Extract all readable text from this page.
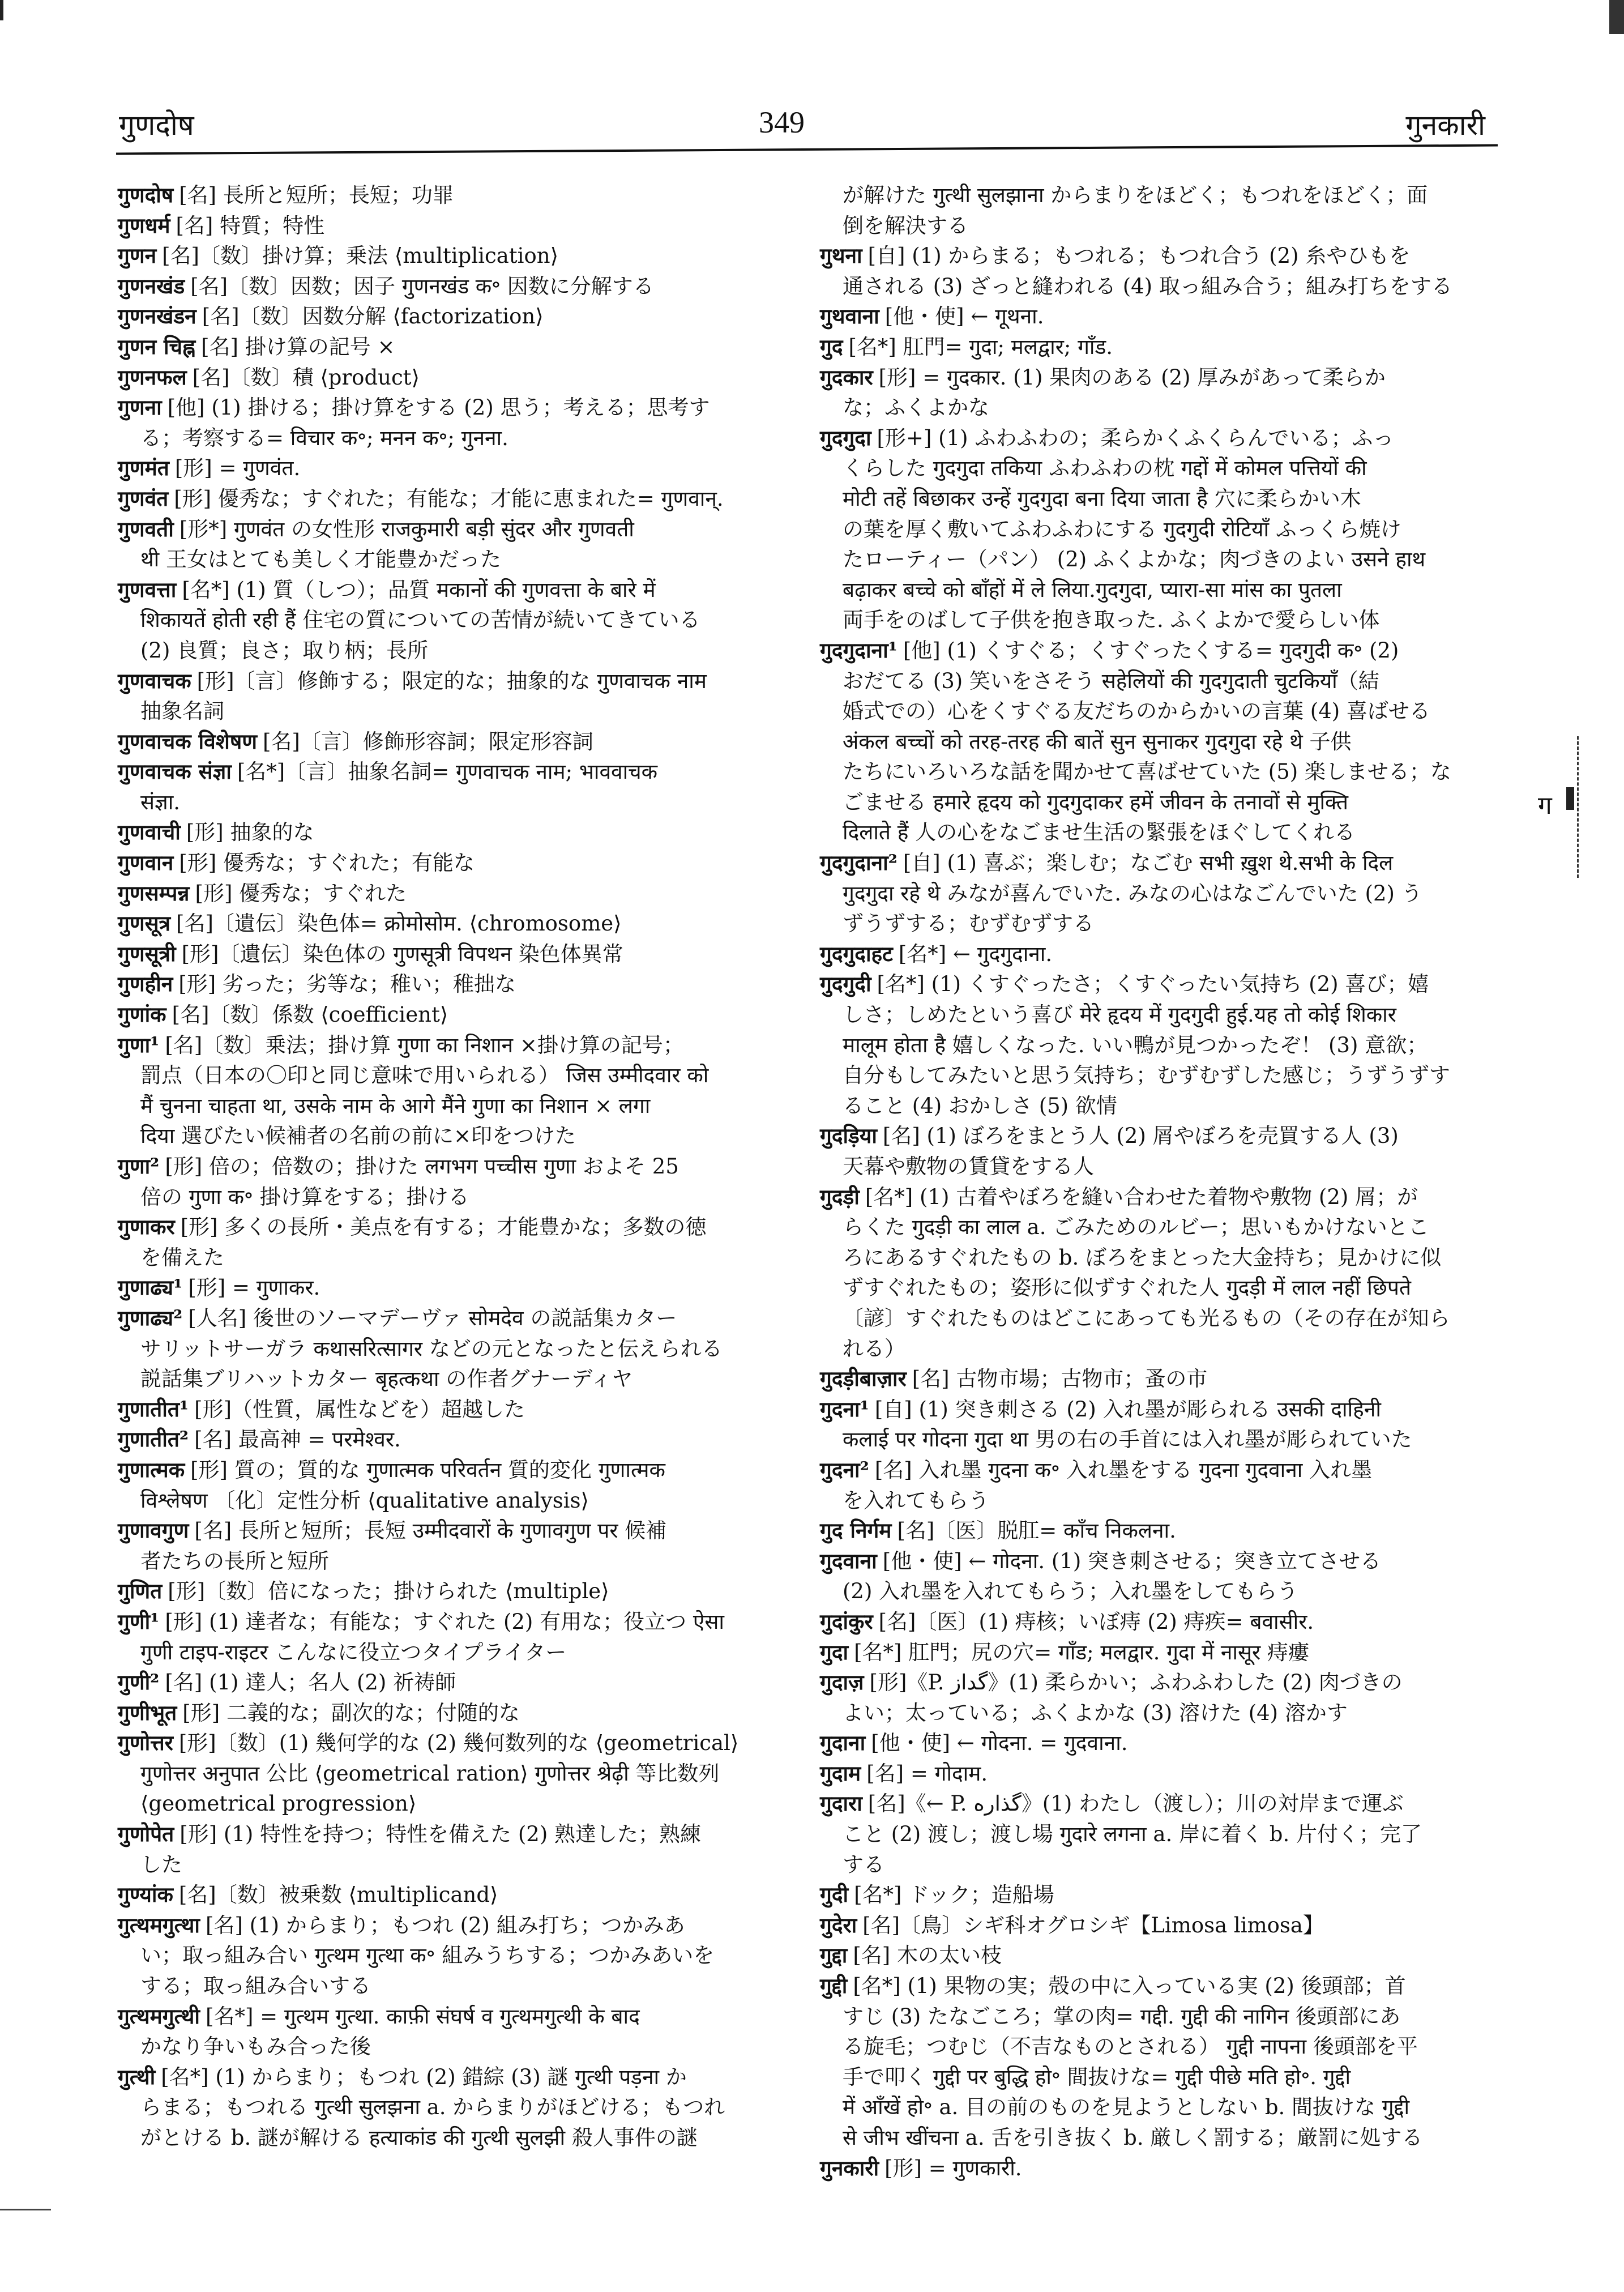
गुणदोष	349	गुनकारी
गुणदोष [名] 長所と短所；長短；功罪
गुणधर्म [名] 特質；特性
गुणन [名]〔数〕掛け算；乗法 ⟨multiplication⟩
गुणनखंड [名]〔数〕因数；因子 गुणनखंड क॰ 因数に分解する
गुणनखंडन [名]〔数〕因数分解 ⟨factorization⟩
गुणन चिह्न [名] 掛け算の記号 ×
गुणनफल [名]〔数〕積 ⟨product⟩
गुणना [他] (1) 掛ける；掛け算をする (2) 思う；考える；思考す
る；考察する= विचार क॰; मनन क॰; गुनना.
गुणमंत [形] = गुणवंत.
गुणवंत [形] 優秀な；すぐれた；有能な；才能に恵まれた= गुणवान्.
गुणवती [形*] गुणवंत の女性形 राजकुमारी बड़ी सुंदर और गुणवती
थी 王女はとても美しく才能豊かだった
गुणवत्ता [名*] (1) 質（しつ）；品質 मकानों की गुणवत्ता के बारे में
शिकायतें होती रही हैं 住宅の質についての苦情が続いてきている
(2) 良質；良さ；取り柄；長所
गुणवाचक [形]〔言〕修飾する；限定的な；抽象的な गुणवाचक नाम
抽象名詞
गुणवाचक विशेषण [名]〔言〕修飾形容詞；限定形容詞
गुणवाचक संज्ञा [名*]〔言〕抽象名詞= गुणवाचक नाम; भाववाचक
संज्ञा.
गुणवाची [形] 抽象的な
गुणवान [形] 優秀な；すぐれた；有能な
गुणसम्पन्न [形] 優秀な；すぐれた
गुणसूत्र [名]〔遺伝〕染色体= क्रोमोसोम. ⟨chromosome⟩
गुणसूत्री [形]〔遺伝〕染色体の गुणसूत्री विपथन 染色体異常
गुणहीन [形] 劣った；劣等な；稚い；稚拙な
गुणांक [名]〔数〕係数 ⟨coefficient⟩
गुणा¹ [名]〔数〕乗法；掛け算 गुणा का निशान ×掛け算の記号；
罰点（日本の〇印と同じ意味で用いられる） जिस उम्मीदवार को
मैं चुनना चाहता था, उसके नाम के आगे मैंने गुणा का निशान × लगा
दिया 選びたい候補者の名前の前に×印をつけた
गुणा² [形] 倍の；倍数の；掛けた लगभग पच्चीस गुणा およそ 25
倍の गुणा क॰ 掛け算をする；掛ける
गुणाकर [形] 多くの長所・美点を有する；才能豊かな；多数の徳
を備えた
गुणाढ्य¹ [形] = गुणाकर.
गुणाढ्य² [人名] 後世のソーマデーヴァ सोमदेव の説話集カター
サリットサーガラ कथासरित्सागर などの元となったと伝えられる
説話集ブリハットカター बृहत्कथा の作者グナーディヤ
गुणातीत¹ [形]（性質，属性などを）超越した
गुणातीत² [名] 最高神 = परमेश्वर.
गुणात्मक [形] 質の；質的な गुणात्मक परिवर्तन 質的変化 गुणात्मक
विश्लेषण 〔化〕定性分析 ⟨qualitative analysis⟩
गुणावगुण [名] 長所と短所；長短 उम्मीदवारों के गुणावगुण पर 候補
者たちの長所と短所
गुणित [形]〔数〕倍になった；掛けられた ⟨multiple⟩
गुणी¹ [形] (1) 達者な；有能な；すぐれた (2) 有用な；役立つ ऐसा
गुणी टाइप-राइटर こんなに役立つタイプライター
गुणी² [名] (1) 達人；名人 (2) 祈祷師
गुणीभूत [形] 二義的な；副次的な；付随的な
गुणोत्तर [形]〔数〕(1) 幾何学的な (2) 幾何数列的な ⟨geometrical⟩
गुणोत्तर अनुपात 公比 ⟨geometrical ration⟩ गुणोत्तर श्रेढ़ी 等比数列
⟨geometrical progression⟩
गुणोपेत [形] (1) 特性を持つ；特性を備えた (2) 熟達した；熟練
した
गुण्यांक [名]〔数〕被乗数 ⟨multiplicand⟩
गुत्थमगुत्था [名] (1) からまり；もつれ (2) 組み打ち；つかみあ
い；取っ組み合い गुत्थम गुत्था क॰ 組みうちする；つかみあいを
する；取っ組み合いする
गुत्थमगुत्थी [名*] = गुत्थम गुत्था. काफ़ी संघर्ष व गुत्थमगुत्थी के बाद
かなり争いもみ合った後
गुत्थी [名*] (1) からまり；もつれ (2) 錯綜 (3) 謎 गुत्थी पड़ना か
らまる；もつれる गुत्थी सुलझना a. からまりがほどける；もつれ
がとける b. 謎が解ける हत्याकांड की गुत्थी सुलझी 殺人事件の謎
が解けた गुत्थी सुलझाना からまりをほどく；もつれをほどく；面
倒を解決する
गुथना [自] (1) からまる；もつれる；もつれ合う (2) 糸やひもを
通される (3) ざっと縫われる (4) 取っ組み合う；組み打ちをする
गुथवाना [他・使] ← गूथना.
गुद [名*] 肛門= गुदा; मलद्वार; गाँड.
गुदकार [形] = गुदकार. (1) 果肉のある (2) 厚みがあって柔らか
な；ふくよかな
गुदगुदा [形+] (1) ふわふわの；柔らかくふくらんでいる；ふっ
くらした गुदगुदा तकिया ふわふわの枕 गद्दों में कोमल पत्तियों की
मोटी तहें बिछाकर उन्हें गुदगुदा बना दिया जाता है 穴に柔らかい木
の葉を厚く敷いてふわふわにする गुदगुदी रोटियाँ ふっくら焼け
たローティー（パン） (2) ふくよかな；肉づきのよい उसने हाथ
बढ़ाकर बच्चे को बाँहों में ले लिया.गुदगुदा, प्यारा-सा मांस का पुतला
両手をのばして子供を抱き取った. ふくよかで愛らしい体
गुदगुदाना¹ [他] (1) くすぐる；くすぐったくする= गुदगुदी क॰ (2)
おだてる (3) 笑いをさそう सहेलियों की गुदगुदाती चुटकियाँ（結
婚式での）心をくすぐる友だちのからかいの言葉 (4) 喜ばせる
अंकल बच्चों को तरह-तरह की बातें सुन सुनाकर गुदगुदा रहे थे 子供
たちにいろいろな話を聞かせて喜ばせていた (5) 楽しませる；な
ごませる हमारे हृदय को गुदगुदाकर हमें जीवन के तनावों से मुक्ति
दिलाते हैं 人の心をなごませ生活の緊張をほぐしてくれる
गुदगुदाना² [自] (1) 喜ぶ；楽しむ；なごむ सभी ख़ुश थे.सभी के दिल
गुदगुदा रहे थे みなが喜んでいた. みなの心はなごんでいた (2) う
ずうずする；むずむずする
गुदगुदाहट [名*] ← गुदगुदाना.
गुदगुदी [名*] (1) くすぐったさ；くすぐったい気持ち (2) 喜び；嬉
しさ；しめたという喜び मेरे हृदय में गुदगुदी हुई.यह तो कोई शिकार
मालूम होता है 嬉しくなった. いい鴨が見つかったぞ！ (3) 意欲；
自分もしてみたいと思う気持ち；むずむずした感じ；うずうずす
ること (4) おかしさ (5) 欲情
गुदड़िया [名] (1) ぼろをまとう人 (2) 屑やぼろを売買する人 (3)
天幕や敷物の賃貸をする人
गुदड़ी [名*] (1) 古着やぼろを縫い合わせた着物や敷物 (2) 屑；が
らくた गुदड़ी का लाल a. ごみためのルビー；思いもかけないとこ
ろにあるすぐれたもの b. ぼろをまとった大金持ち；見かけに似
ずすぐれたもの；姿形に似ずすぐれた人 गुदड़ी में लाल नहीं छिपते
〔諺〕すぐれたものはどこにあっても光るもの（その存在が知ら
れる）
गुदड़ीबाज़ार [名] 古物市場；古物市；蚤の市
गुदना¹ [自] (1) 突き刺さる (2) 入れ墨が彫られる उसकी दाहिनी
कलाई पर गोदना गुदा था 男の右の手首には入れ墨が彫られていた
गुदना² [名] 入れ墨 गुदना क॰ 入れ墨をする गुदना गुदवाना 入れ墨
を入れてもらう
गुद निर्गम [名]〔医〕脱肛= काँच निकलना.
गुदवाना [他・使] ← गोदना. (1) 突き刺させる；突き立てさせる
(2) 入れ墨を入れてもらう；入れ墨をしてもらう
गुदांकुर [名]〔医〕(1) 痔核；いぼ痔 (2) 痔疾= बवासीर.
गुदा [名*] 肛門；尻の穴= गाँड; मलद्वार. गुदा में नासूर 痔瘻
गुदाज़ [形]《P. گداز》(1) 柔らかい；ふわふわした (2) 肉づきの
よい；太っている；ふくよかな (3) 溶けた (4) 溶かす
गुदाना [他・使] ← गोदना. = गुदवाना.
गुदाम [名] = गोदाम.
गुदारा [名]《← P. گذاره》(1) わたし（渡し）；川の対岸まで運ぶ
こと (2) 渡し；渡し場 गुदारे लगना a. 岸に着く b. 片付く；完了
する
गुदी [名*] ドック；造船場
गुदेरा [名]〔鳥〕シギ科オグロシギ【Limosa limosa】
गुद्दा [名] 木の太い枝
गुद्दी [名*] (1) 果物の実；殻の中に入っている実 (2) 後頭部；首
すじ (3) たなごころ；掌の肉= गद्दी. गुद्दी की नागिन 後頭部にあ
る旋毛；つむじ（不吉なものとされる） गुद्दी नापना 後頭部を平
手で叩く गुद्दी पर बुद्धि हो॰ 間抜けな= गुद्दी पीछे मति हो॰. गुद्दी
में आँखें हो॰ a. 目の前のものを見ようとしない b. 間抜けな गुद्दी
से जीभ खींचना a. 舌を引き抜く b. 厳しく罰する；厳罰に処する
गुनकारी [形] = गुणकारी.
ग
